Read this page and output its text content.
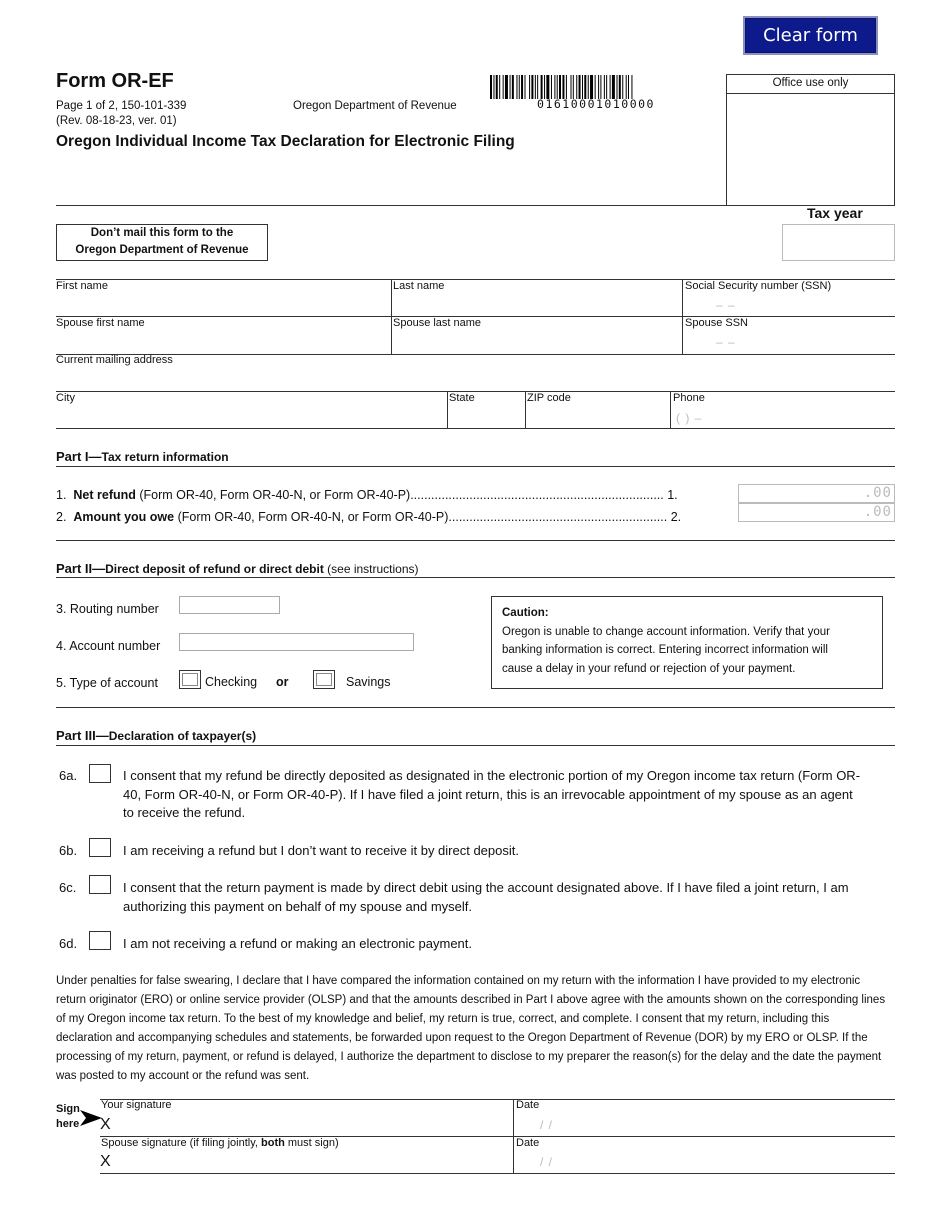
Clear form
Form OR-EF
Page 1 of 2, 150-101-339
(Rev. 08-18-23, ver. 01)
Oregon Department of Revenue
Oregon Individual Income Tax Declaration for Electronic Filing
01610001010000
Office use only
Tax year
Don’t mail this form to the
Oregon Department of Revenue
First name	Last name	Social Security number (SSN)
– –
Spouse first name	Spouse last name	Spouse SSN
– –
Current mailing address
City	State	ZIP code	Phone
( ) –
Part I—Tax return information
1. Net refund (Form OR-40, Form OR-40-N, or Form OR-40-P)......................................................................... 1.	.00
2. Amount you owe (Form OR-40, Form OR-40-N, or Form OR-40-P)............................................................... 2.	.00
Part II—Direct deposit of refund or direct debit (see instructions)
3. Routing number
4. Account number
5. Type of account	Checking or	Savings
Caution:
Oregon is unable to change account information. Verify that your
banking information is correct. Entering incorrect information will
cause a delay in your refund or rejection of your payment.
Part III—Declaration of taxpayer(s)
6a.	I consent that my refund be directly deposited as designated in the electronic portion of my Oregon income tax return (Form OR-40, Form OR-40-N, or Form OR-40-P). If I have filed a joint return, this is an irrevocable appointment of my spouse as an agent to receive the refund.
6b.	I am receiving a refund but I don’t want to receive it by direct deposit.
6c.	I consent that the return payment is made by direct debit using the account designated above. If I have filed a joint return, I am authorizing this payment on behalf of my spouse and myself.
6d.	I am not receiving a refund or making an electronic payment.
Under penalties for false swearing, I declare that I have compared the information contained on my return with the information I have provided to my electronic return originator (ERO) or online service provider (OLSP) and that the amounts described in Part I above agree with the amounts shown on the corresponding lines of my Oregon income tax return. To the best of my knowledge and belief, my return is true, correct, and complete. I consent that my return, including this declaration and accompanying schedules and statements, be forwarded upon request to the Oregon Department of Revenue (DOR) by my ERO or OLSP. If the processing of my return, payment, or refund is delayed, I authorize the department to disclose to my preparer the reason(s) for the delay and the date the payment was posted to my account or the refund was sent.
Sign
here
Your signature
X
Date
/ /
Spouse signature (if filing jointly, both must sign)
X
Date
/ /
